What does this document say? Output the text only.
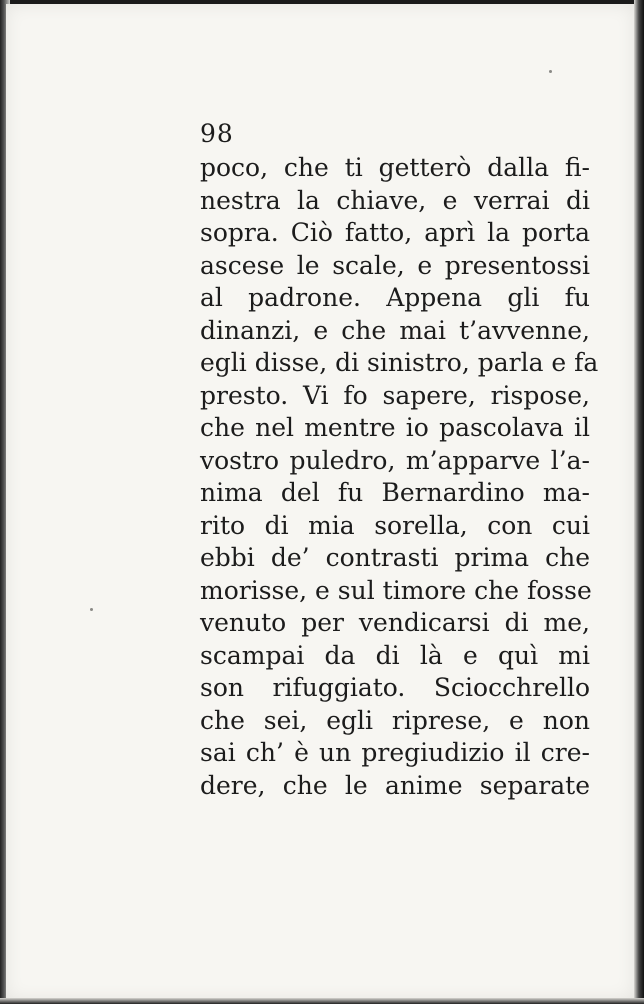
98
poco, che ti getterò dalla fi-
nestra la chiave, e verrai di
sopra. Ciò fatto, aprì la porta
ascese le scale, e presentossi
al padrone. Appena gli fu
dinanzi, e che mai t’avvenne,
egli disse, di sinistro, parla e fa
presto. Vi fo sapere, rispose,
che nel mentre io pascolava il
vostro puledro, m’apparve l’a-
nima del fu Bernardino ma-
rito di mia sorella, con cui
ebbi de’ contrasti prima che
morisse, e sul timore che fosse
venuto per vendicarsi di me,
scampai da di là e quì mi
son rifuggiato. Sciocchrello
che sei, egli riprese, e non
sai ch’ è un pregiudizio il cre-
dere, che le anime separate
